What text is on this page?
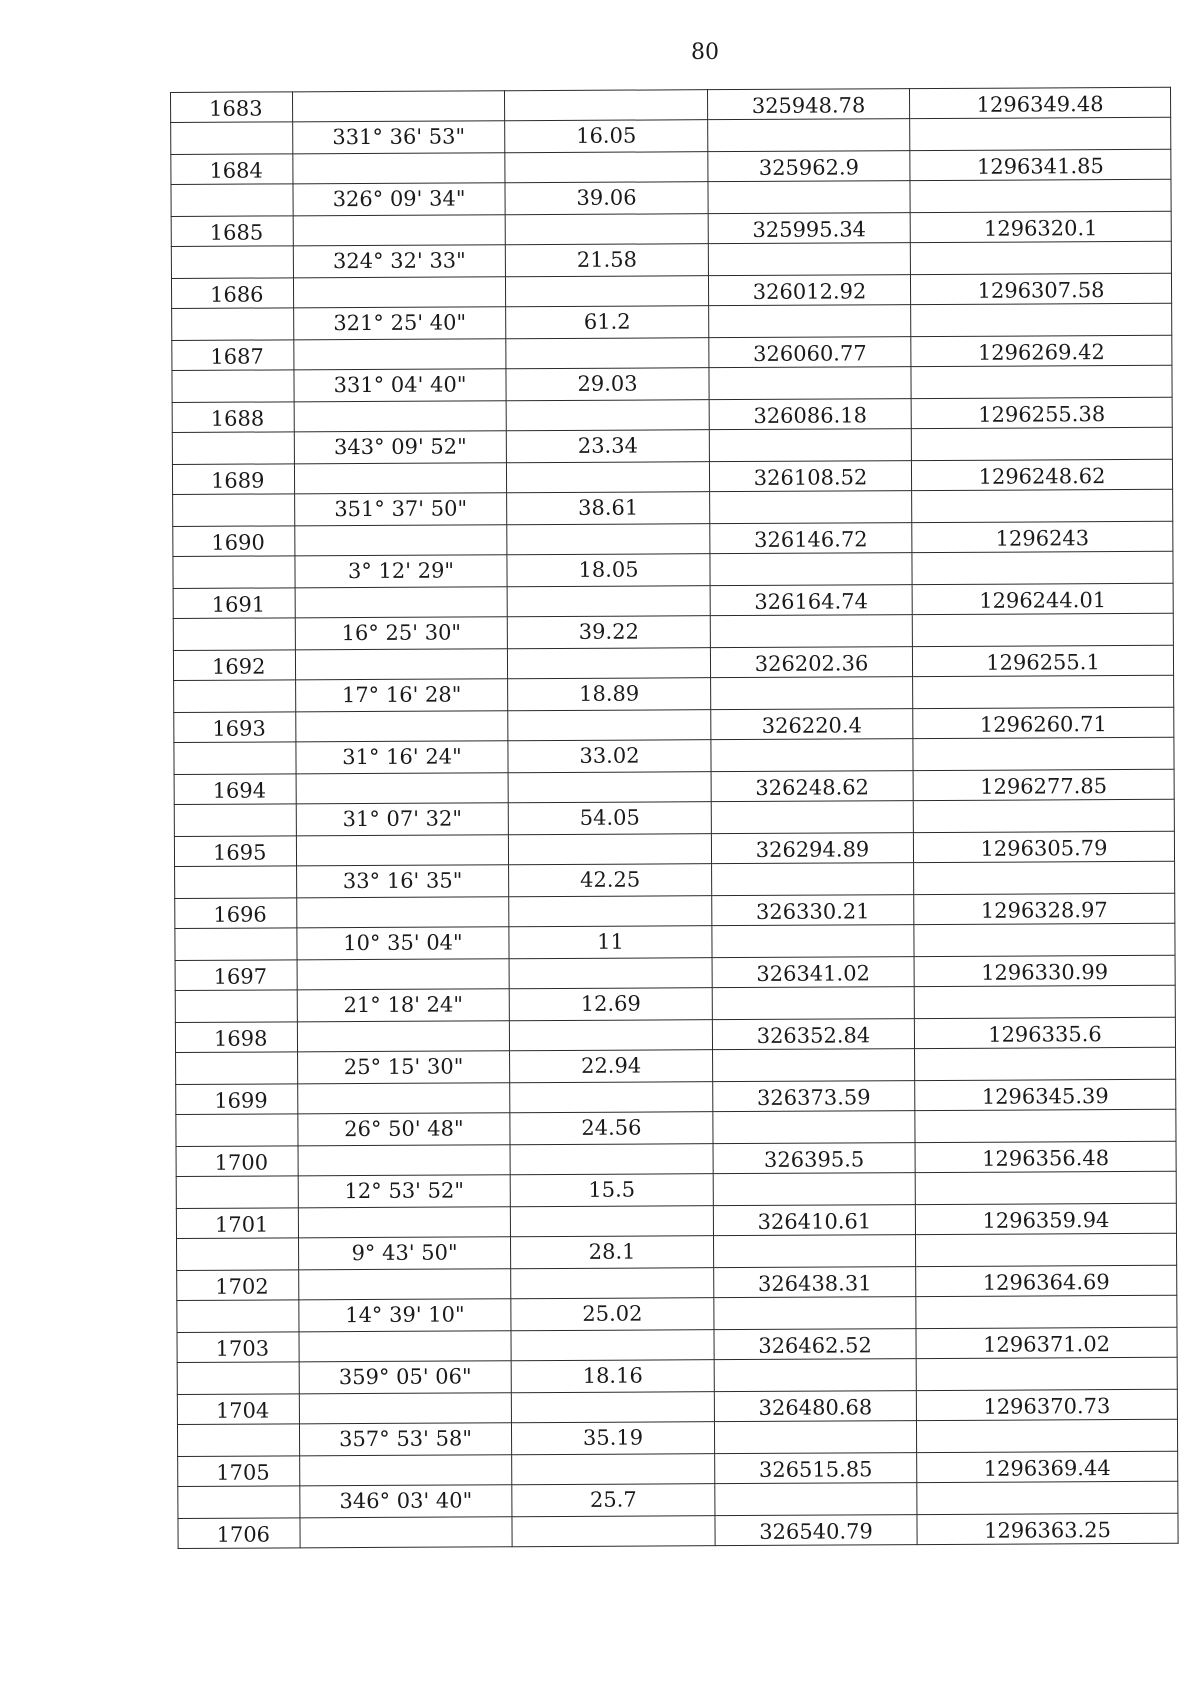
80
1683			325948.78	1296349.48
	331° 36' 53"	16.05		
1684			325962.9	1296341.85
	326° 09' 34"	39.06		
1685			325995.34	1296320.1
	324° 32' 33"	21.58		
1686			326012.92	1296307.58
	321° 25' 40"	61.2		
1687			326060.77	1296269.42
	331° 04' 40"	29.03		
1688			326086.18	1296255.38
	343° 09' 52"	23.34		
1689			326108.52	1296248.62
	351° 37' 50"	38.61		
1690			326146.72	1296243
	3° 12' 29"	18.05		
1691			326164.74	1296244.01
	16° 25' 30"	39.22		
1692			326202.36	1296255.1
	17° 16' 28"	18.89		
1693			326220.4	1296260.71
	31° 16' 24"	33.02		
1694			326248.62	1296277.85
	31° 07' 32"	54.05		
1695			326294.89	1296305.79
	33° 16' 35"	42.25		
1696			326330.21	1296328.97
	10° 35' 04"	11		
1697			326341.02	1296330.99
	21° 18' 24"	12.69		
1698			326352.84	1296335.6
	25° 15' 30"	22.94		
1699			326373.59	1296345.39
	26° 50' 48"	24.56		
1700			326395.5	1296356.48
	12° 53' 52"	15.5		
1701			326410.61	1296359.94
	9° 43' 50"	28.1		
1702			326438.31	1296364.69
	14° 39' 10"	25.02		
1703			326462.52	1296371.02
	359° 05' 06"	18.16		
1704			326480.68	1296370.73
	357° 53' 58"	35.19		
1705			326515.85	1296369.44
	346° 03' 40"	25.7		
1706			326540.79	1296363.25
